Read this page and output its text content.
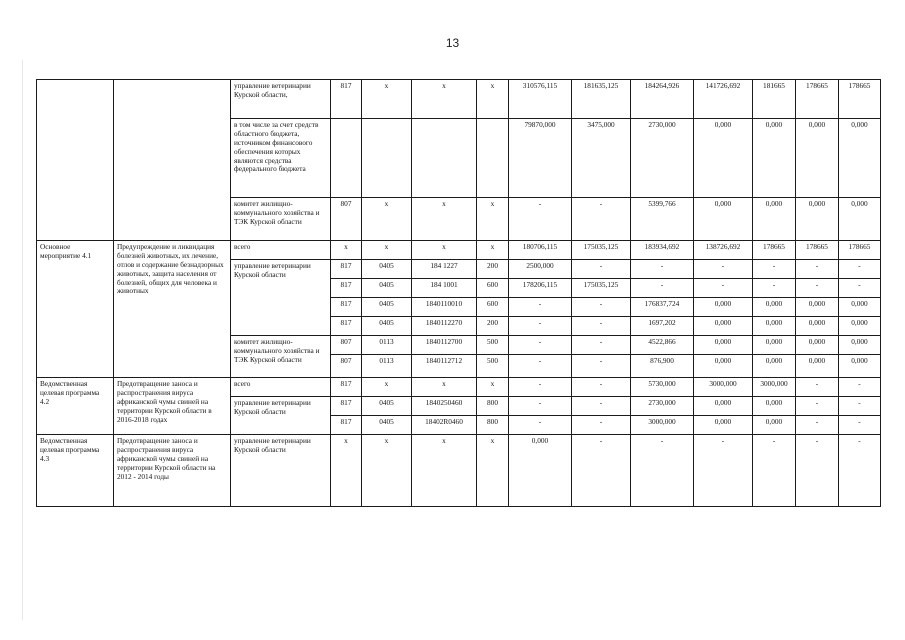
13
		управление ветеринарии Курской области,	817	x	x	x	310576,115	181635,125	184264,926	141726,692	181665	178665	178665
		в том числе за счет средств областного бюджета, источником финансового обеспечения которых являются средства федерального бюджета					79870,000	3475,000	2730,000	0,000	0,000	0,000	0,000
		комитет жилищно-коммунального хозяйства и ТЭК Курской области	807	x	x	x	-	-	5399,766	0,000	0,000	0,000	0,000
Основное мероприятие 4.1	Предупреждение и ликвидация болезней животных, их лечение, отлов и содержание безнадзорных животных, защита населения от болезней, общих для человека и животных	всего	x	x	x	x	180706,115	175035,125	183934,692	138726,692	178665	178665	178665
		управление ветеринарии Курской области	817	0405	184 1227	200	2500,000	-	-	-	-	-	-
			817	0405	184 1001	600	178206,115	175035,125	-	-	-	-	-
			817	0405	1840110010	600	-	-	176837,724	0,000	0,000	0,000	0,000
			817	0405	1840112270	200	-	-	1697,202	0,000	0,000	0,000	0,000
		комитет жилищно-коммунального хозяйства и ТЭК Курской области	807	0113	1840112700	500	-	-	4522,866	0,000	0,000	0,000	0,000
			807	0113	1840112712	500	-	-	876,900	0,000	0,000	0,000	0,000
Ведомственная целевая программа 4.2	Предотвращение заноса и распространения вируса африканской чумы свиней на территории Курской области в 2016-2018 годах	всего	817	x	x	x	-	-	5730,000	3000,000	3000,000	-	-
		управление ветеринарии Курской области	817	0405	1840250460	800	-	-	2730,000	0,000	0,000	-	-
			817	0405	18402R0460	800	-	-	3000,000	0,000	0,000	-	-
Ведомственная целевая программа 4.3	Предотвращение заноса и распространения вируса африканской чумы свиней на территории Курской области на 2012 - 2014 годы	управление ветеринарии Курской области	x	x	x	x	0,000	-	-	-	-	-	-
